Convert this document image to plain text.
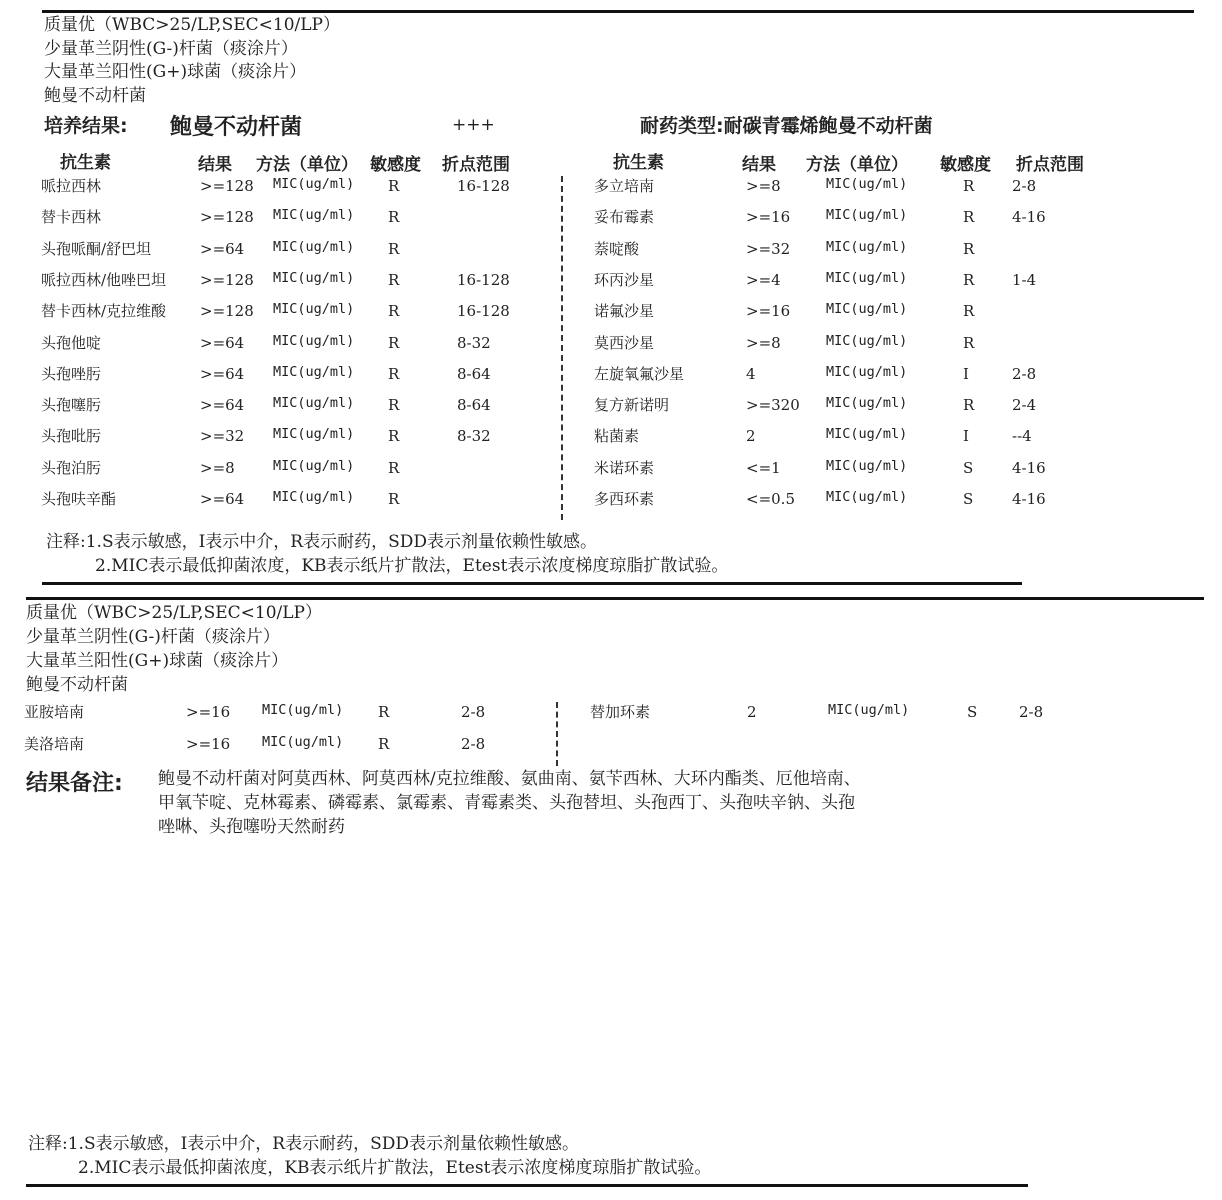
质量优（WBC>25/LP,SEC<10/LP）
少量革兰阴性(G-)杆菌（痰涂片）
大量革兰阳性(G+)球菌（痰涂片）
鲍曼不动杆菌
培养结果: 鲍曼不动杆菌	+++	耐药类型:耐碳青霉烯鲍曼不动杆菌
抗生素	结果 方法（单位） 敏感度 折点范围	抗生素	结果 方法（单位） 敏感度 折点范围
哌拉西林	>=128 MIC(ug/ml) R	16-128
替卡西林	>=128 MIC(ug/ml) R
头孢哌酮/舒巴坦	>=64 MIC(ug/ml) R
哌拉西林/他唑巴坦 >=128 MIC(ug/ml) R	16-128
替卡西林/克拉维酸 >=128 MIC(ug/ml) R	16-128
头孢他啶	>=64 MIC(ug/ml) R	8-32
头孢唑肟	>=64 MIC(ug/ml) R	8-64
头孢噻肟	>=64 MIC(ug/ml) R	8-64
头孢吡肟	>=32 MIC(ug/ml) R	8-32
头孢泊肟	>=8	MIC(ug/ml) R
头孢呋辛酯	>=64 MIC(ug/ml) R
多立培南	>=8	MIC(ug/ml)	R	2-8
妥布霉素	>=16	MIC(ug/ml)	R	4-16
萘啶酸	>=32	MIC(ug/ml)	R
环丙沙星	>=4	MIC(ug/ml)	R	1-4
诺氟沙星	>=16	MIC(ug/ml)	R
莫西沙星	>=8	MIC(ug/ml)	R
左旋氧氟沙星	4	MIC(ug/ml)	I	2-8
复方新诺明	>=320 MIC(ug/ml)	R	2-4
粘菌素	2	MIC(ug/ml)	I	--4
米诺环素	<=1	MIC(ug/ml)	S	4-16
多西环素	<=0.5 MIC(ug/ml)	S	4-16
注释:1.S表示敏感，I表示中介，R表示耐药，SDD表示剂量依赖性敏感。
2.MIC表示最低抑菌浓度，KB表示纸片扩散法，Etest表示浓度梯度琼脂扩散试验。
质量优（WBC>25/LP,SEC<10/LP）
少量革兰阴性(G-)杆菌（痰涂片）
大量革兰阳性(G+)球菌（痰涂片）
鲍曼不动杆菌
亚胺培南	>=16 MIC(ug/ml) R	2-8
美洛培南	>=16 MIC(ug/ml) R	2-8
替加环素	2	MIC(ug/ml)	S	2-8
结果备注: 鲍曼不动杆菌对阿莫西林、阿莫西林/克拉维酸、氨曲南、氨苄西林、大环内酯类、厄他培南、
甲氧苄啶、克林霉素、磷霉素、氯霉素、青霉素类、头孢替坦、头孢西丁、头孢呋辛钠、头孢
唑啉、头孢噻吩天然耐药
注释:1.S表示敏感，I表示中介，R表示耐药，SDD表示剂量依赖性敏感。
2.MIC表示最低抑菌浓度，KB表示纸片扩散法，Etest表示浓度梯度琼脂扩散试验。
